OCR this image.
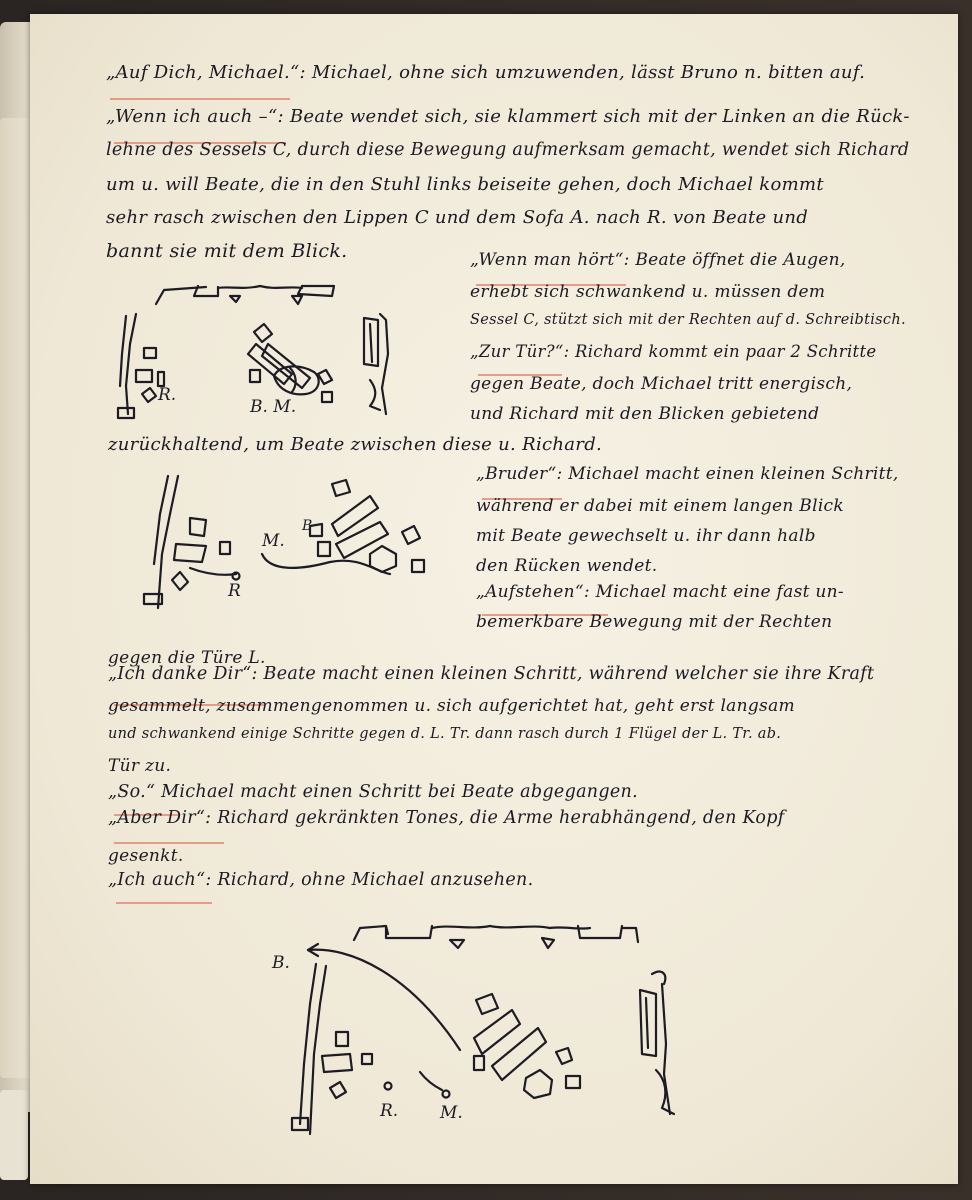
„Auf Dich, Michael.“: Michael, ohne sich umzuwenden, lässt Bruno n. bitten auf.
„Wenn ich auch –“: Beate wendet sich, sie klammert sich mit der Linken an die Rück-
lehne des Sessels C, durch diese Bewegung aufmerksam gemacht, wendet sich Richard
um u. will Beate, die in den Stuhl links beiseite gehen, doch Michael kommt
sehr rasch zwischen den Lippen C und dem Sofa A. nach R. von Beate und
bannt sie mit dem Blick.	„Wenn man hört“: Beate öffnet die Augen,
erhebt sich schwankend u. müssen dem
Sessel C, stützt sich mit der Rechten auf d. Schreibtisch.
„Zur Tür?“: Richard kommt ein paar 2 Schritte
gegen Beate, doch Michael tritt energisch,
und Richard mit den Blicken gebietend
zurückhaltend, um Beate zwischen diese u. Richard.
„Bruder“: Michael macht einen kleinen Schritt,
während er dabei mit einem langen Blick
mit Beate gewechselt u. ihr dann halb
den Rücken wendet.
„Aufstehen“: Michael macht eine fast un-
bemerkbare Bewegung mit der Rechten
gegen die Türe L.
„Ich danke Dir“: Beate macht einen kleinen Schritt, während welcher sie ihre Kraft
gesammelt, zusammengenommen u. sich aufgerichtet hat, geht erst langsam
und schwankend einige Schritte gegen d. L. Tr. dann rasch durch 1 Flügel der L. Tr. ab.
Tür zu.
„So.“ Michael macht einen Schritt bei Beate abgegangen.
„Aber Dir“: Richard gekränkten Tones, die Arme herabhängend, den Kopf
gesenkt.
„Ich auch“: Richard, ohne Michael anzusehen.
R.
B. M.
M.
B
R
B.
R. M.
